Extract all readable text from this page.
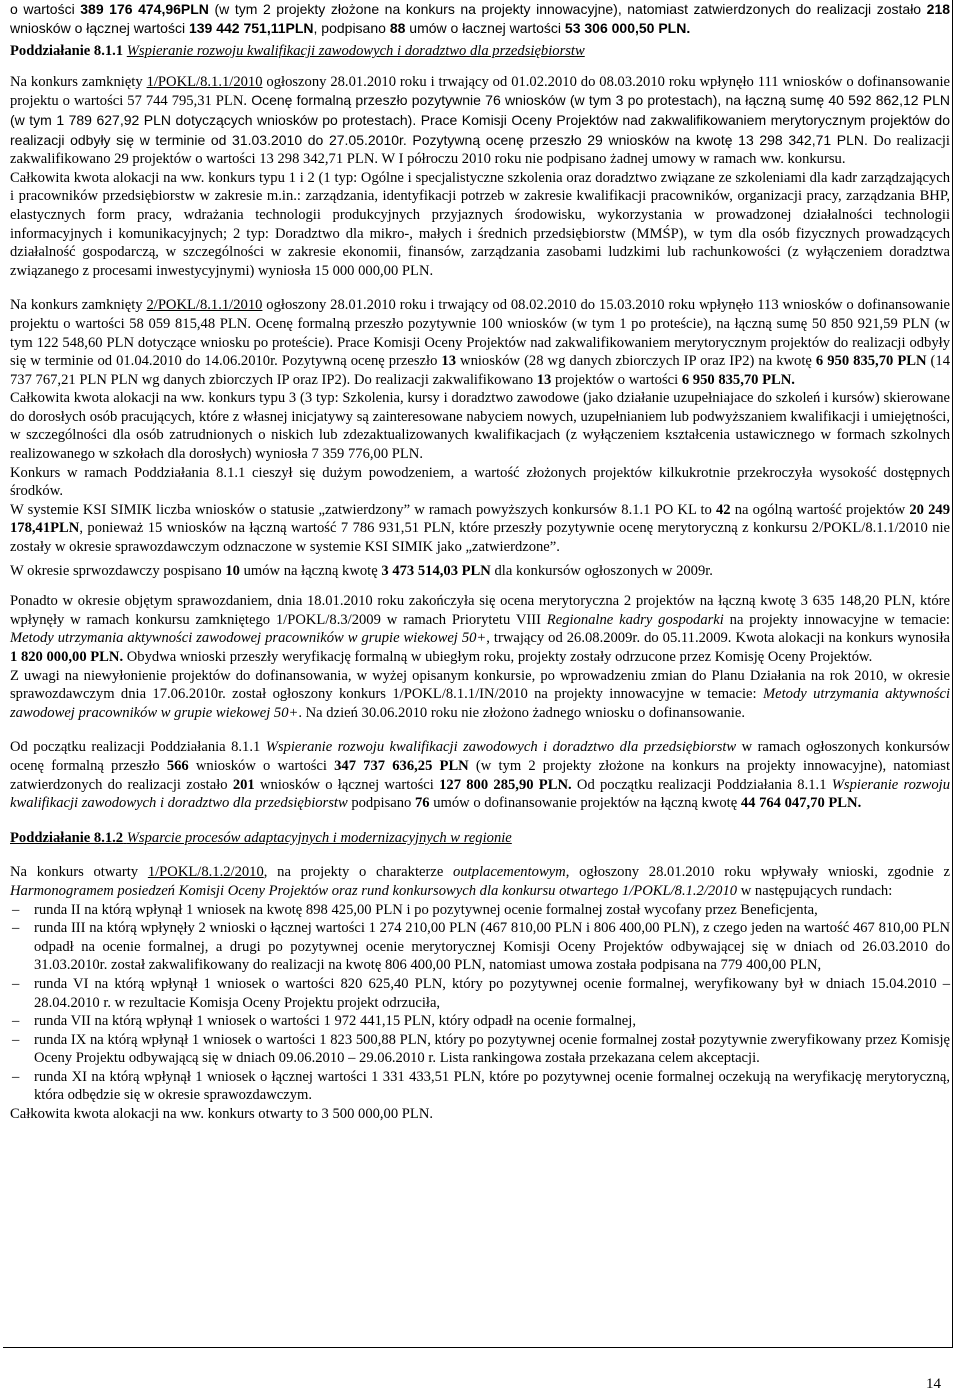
o wartości 389 176 474,96PLN (w tym 2 projekty złożone na konkurs na projekty innowacyjne), natomiast zatwierdzonych do realizacji zostało 218 wniosków o łącznej wartości 139 442 751,11PLN, podpisano 88 umów o łacznej wartości 53 306 000,50 PLN.

Poddziałanie 8.1.1 Wspieranie rozwoju kwalifikacji zawodowych i doradztwo dla przedsiębiorstw

Na konkurs zamknięty 1/POKL/8.1.1/2010 ogłoszony 28.01.2010 roku i trwający od 01.02.2010 do 08.03.2010 roku wpłynęło 111 wniosków o dofinansowanie projektu o wartości 57 744 795,31 PLN. Ocenę formalną przeszło pozytywnie 76 wniosków (w tym 3 po protestach), na łączną sumę 40 592 862,12 PLN (w tym 1 789 627,92 PLN dotyczących wniosków po protestach). Prace Komisji Oceny Projektów nad zakwalifikowaniem merytorycznym projektów do realizacji odbyły się w terminie od 31.03.2010 do 27.05.2010r. Pozytywną ocenę przeszło 29 wniosków na kwotę 13 298 342,71 PLN. Do realizacji zakwalifikowano 29 projektów o wartości 13 298 342,71 PLN. W I półroczu 2010 roku nie podpisano żadnej umowy w ramach ww. konkursu.

Całkowita kwota alokacji na ww. konkurs typu 1 i 2 (1 typ: Ogólne i specjalistyczne szkolenia oraz doradztwo związane ze szkoleniami dla kadr zarządzających i pracowników przedsiębiorstw w zakresie m.in.: zarządzania, identyfikacji potrzeb w zakresie kwalifikacji pracowników, organizacji pracy, zarządzania BHP, elastycznych form pracy, wdrażania technologii produkcyjnych przyjaznych środowisku, wykorzystania w prowadzonej działalności technologii informacyjnych i komunikacyjnych; 2 typ: Doradztwo dla mikro-, małych i średnich przedsiębiorstw (MMŚP), w tym dla osób fizycznych prowadzących działalność gospodarczą, w szczególności w zakresie ekonomii, finansów, zarządzania zasobami ludzkimi lub rachunkowości (z wyłączeniem doradztwa związanego z procesami inwestycyjnymi) wyniosła 15 000 000,00 PLN.

Na konkurs zamknięty 2/POKL/8.1.1/2010 ogłoszony 28.01.2010 roku i trwający od 08.02.2010 do 15.03.2010 roku wpłynęło 113 wniosków o dofinansowanie projektu o wartości 58 059 815,48 PLN. Ocenę formalną przeszło pozytywnie 100 wniosków (w tym 1 po proteście), na łączną sumę 50 850 921,59 PLN (w tym 122 548,60 PLN dotyczące wniosku po proteście). Prace Komisji Oceny Projektów nad zakwalifikowaniem merytorycznym projektów do realizacji odbyły się w terminie od 01.04.2010 do 14.06.2010r. Pozytywną ocenę przeszło 13 wniosków (28 wg danych zbiorczych IP oraz IP2) na kwotę 6 950 835,70 PLN (14 737 767,21 PLN PLN wg danych zbiorczych IP oraz IP2). Do realizacji zakwalifikowano 13 projektów o wartości 6 950 835,70 PLN.

Całkowita kwota alokacji na ww. konkurs typu 3 (3 typ: Szkolenia, kursy i doradztwo zawodowe (jako działanie uzupełniajace do szkoleń i kursów) skierowane do dorosłych osób pracujących, które z własnej inicjatywy są zainteresowane nabyciem nowych, uzupełnianiem lub podwyższaniem kwalifikacji i umiejętności, w szczególności dla osób zatrudnionych o niskich lub zdezaktualizowanych kwalifikacjach (z wyłączeniem kształcenia ustawicznego w formach szkolnych realizowanego w szkołach dla dorosłych) wyniosła 7 359 776,00 PLN.

Konkurs w ramach Poddziałania 8.1.1 cieszył się dużym powodzeniem, a wartość złożonych projektów kilkukrotnie przekroczyła wysokość dostępnych środków.

W systemie KSI SIMIK liczba wniosków o statusie „zatwierdzony” w ramach powyższych konkursów 8.1.1 PO KL to 42 na ogólną wartość projektów 20 249 178,41PLN, ponieważ 15 wniosków na łączną wartość 7 786 931,51 PLN, które przeszły pozytywnie ocenę merytoryczną z konkursu 2/POKL/8.1.1/2010 nie zostały w okresie sprawozdawczym odznaczone w systemie KSI SIMIK jako „zatwierdzone”.

W okresie sprwozdawczy pospisano 10 umów na łączną kwotę 3 473 514,03 PLN dla konkursów ogłoszonych w 2009r.

Ponadto w okresie objętym sprawozdaniem, dnia 18.01.2010 roku zakończyła się ocena merytoryczna 2 projektów na łączną kwotę 3 635 148,20 PLN, które wpłynęły w ramach konkursu zamkniętego 1/POKL/8.3/2009 w ramach Priorytetu VIII Regionalne kadry gospodarki na projekty innowacyjne w temacie: Metody utrzymania aktywności zawodowej pracowników w grupie wiekowej 50+, trwający od 26.08.2009r. do 05.11.2009. Kwota alokacji na konkurs wynosiła 1 820 000,00 PLN. Obydwa wnioski przeszły weryfikację formalną w ubiegłym roku, projekty zostały odrzucone przez Komisję Oceny Projektów.

Z uwagi na niewyłonienie projektów do dofinansowania, w wyżej opisanym konkursie, po wprowadzeniu zmian do Planu Działania na rok 2010, w okresie sprawozdawczym dnia 17.06.2010r. został ogłoszony konkurs 1/POKL/8.1.1/IN/2010 na projekty innowacyjne w temacie: Metody utrzymania aktywności zawodowej pracowników w grupie wiekowej 50+. Na dzień 30.06.2010 roku nie złożono żadnego wniosku o dofinansowanie.

Od początku realizacji Poddziałania 8.1.1 Wspieranie rozwoju kwalifikacji zawodowych i doradztwo dla przedsiębiorstw w ramach ogłoszonych konkursów ocenę formalną przeszło 566 wniosków o wartości 347 737 636,25 PLN (w tym 2 projekty złożone na konkurs na projekty innowacyjne), natomiast zatwierdzonych do realizacji zostało 201 wniosków o łącznej wartości 127 800 285,90 PLN. Od początku realizacji Poddziałania 8.1.1 Wspieranie rozwoju kwalifikacji zawodowych i doradztwo dla przedsiębiorstw podpisano 76 umów o dofinansowanie projektów na łączną kwotę 44 764 047,70 PLN.

Poddziałanie 8.1.2 Wsparcie procesów adaptacyjnych i modernizacyjnych w regionie

Na konkurs otwarty 1/POKL/8.1.2/2010, na projekty o charakterze outplacementowym, ogłoszony 28.01.2010 roku wpływały wnioski, zgodnie z Harmonogramem posiedzeń Komisji Oceny Projektów oraz rund konkursowych dla konkursu otwartego 1/POKL/8.1.2/2010 w następujących rundach:

– runda II na którą wpłynął 1 wniosek na kwotę 898 425,00 PLN i po pozytywnej ocenie formalnej został wycofany przez Beneficjenta,
– runda III na którą wpłynęły 2 wnioski o łącznej wartości 1 274 210,00 PLN (467 810,00 PLN i 806 400,00 PLN), z czego jeden na wartość 467 810,00 PLN odpadł na ocenie formalnej, a drugi po pozytywnej ocenie merytorycznej Komisji Oceny Projektów odbywającej się w dniach od 26.03.2010 do 31.03.2010r. został zakwalifikowany do realizacji na kwotę 806 400,00 PLN, natomiast umowa została podpisana na 779 400,00 PLN,
– runda VI na którą wpłynął 1 wniosek o wartości 820 625,40 PLN, który po pozytywnej ocenie formalnej, weryfikowany był w dniach 15.04.2010 – 28.04.2010 r. w rezultacie Komisja Oceny Projektu projekt odrzuciła,
– runda VII na którą wpłynął 1 wniosek o wartości 1 972 441,15 PLN, który odpadł na ocenie formalnej,
– runda IX na którą wpłynął 1 wniosek o wartości 1 823 500,88 PLN, który po pozytywnej ocenie formalnej został pozytywnie zweryfikowany przez Komisję Oceny Projektu odbywającą się w dniach 09.06.2010 – 29.06.2010 r. Lista rankingowa została przekazana celem akceptacji.
– runda XI na którą wpłynął 1 wniosek o łącznej wartości 1 331 433,51 PLN, które po pozytywnej ocenie formalnej oczekują na weryfikację merytoryczną, która odbędzie się w okresie sprawozdawczym.

Całkowita kwota alokacji na ww. konkurs otwarty to 3 500 000,00 PLN.

14
